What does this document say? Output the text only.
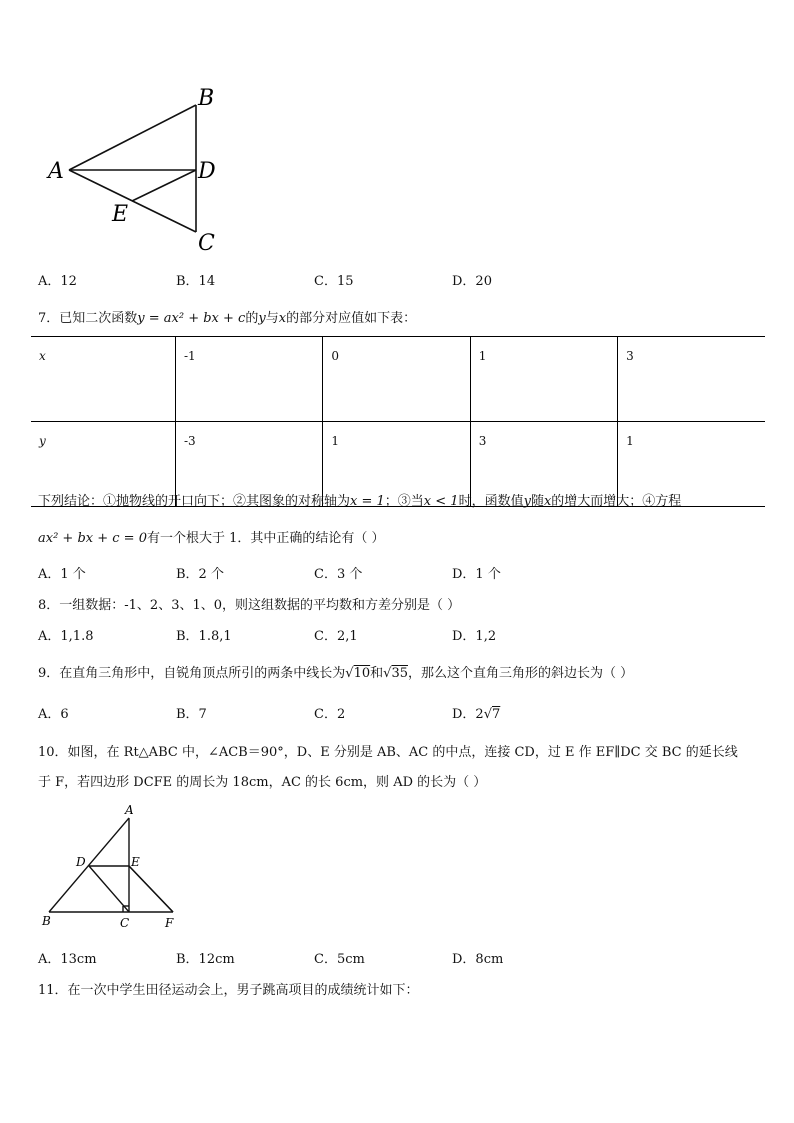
B
A	D
E
C
A．12	B．14	C．15	D．20
7．已知二次函数y = ax² + bx + c的y与x的部分对应值如下表：
x	-1	0	1	3
y	-3	1	3	1
下列结论：①抛物线的开口向下；②其图象的对称轴为x = 1；③当x < 1时，函数值y随x的增大而增大；④方程
ax² + bx + c = 0有一个根大于 1．其中正确的结论有（ ）
A．1 个	B．2 个	C．3 个	D．1 个
8．一组数据：-1、2、3、1、0，则这组数据的平均数和方差分别是（ ）
A．1,1.8	B．1.8,1	C．2,1	D．1,2
9．在直角三角形中，自锐角顶点所引的两条中线长为√10和√35，那么这个直角三角形的斜边长为（ ）
A．6	B．7	C．2	D．2√7
10．如图，在 Rt△ABC 中，∠ACB＝90°，D、E 分别是 AB、AC 的中点，连接 CD，过 E 作 EF∥DC 交 BC 的延长线
于 F，若四边形 DCFE 的周长为 18cm，AC 的长 6cm，则 AD 的长为（ ）
A
D	E
B	C	F
A．13cm	B．12cm	C．5cm	D．8cm
11．在一次中学生田径运动会上，男子跳高项目的成绩统计如下：
